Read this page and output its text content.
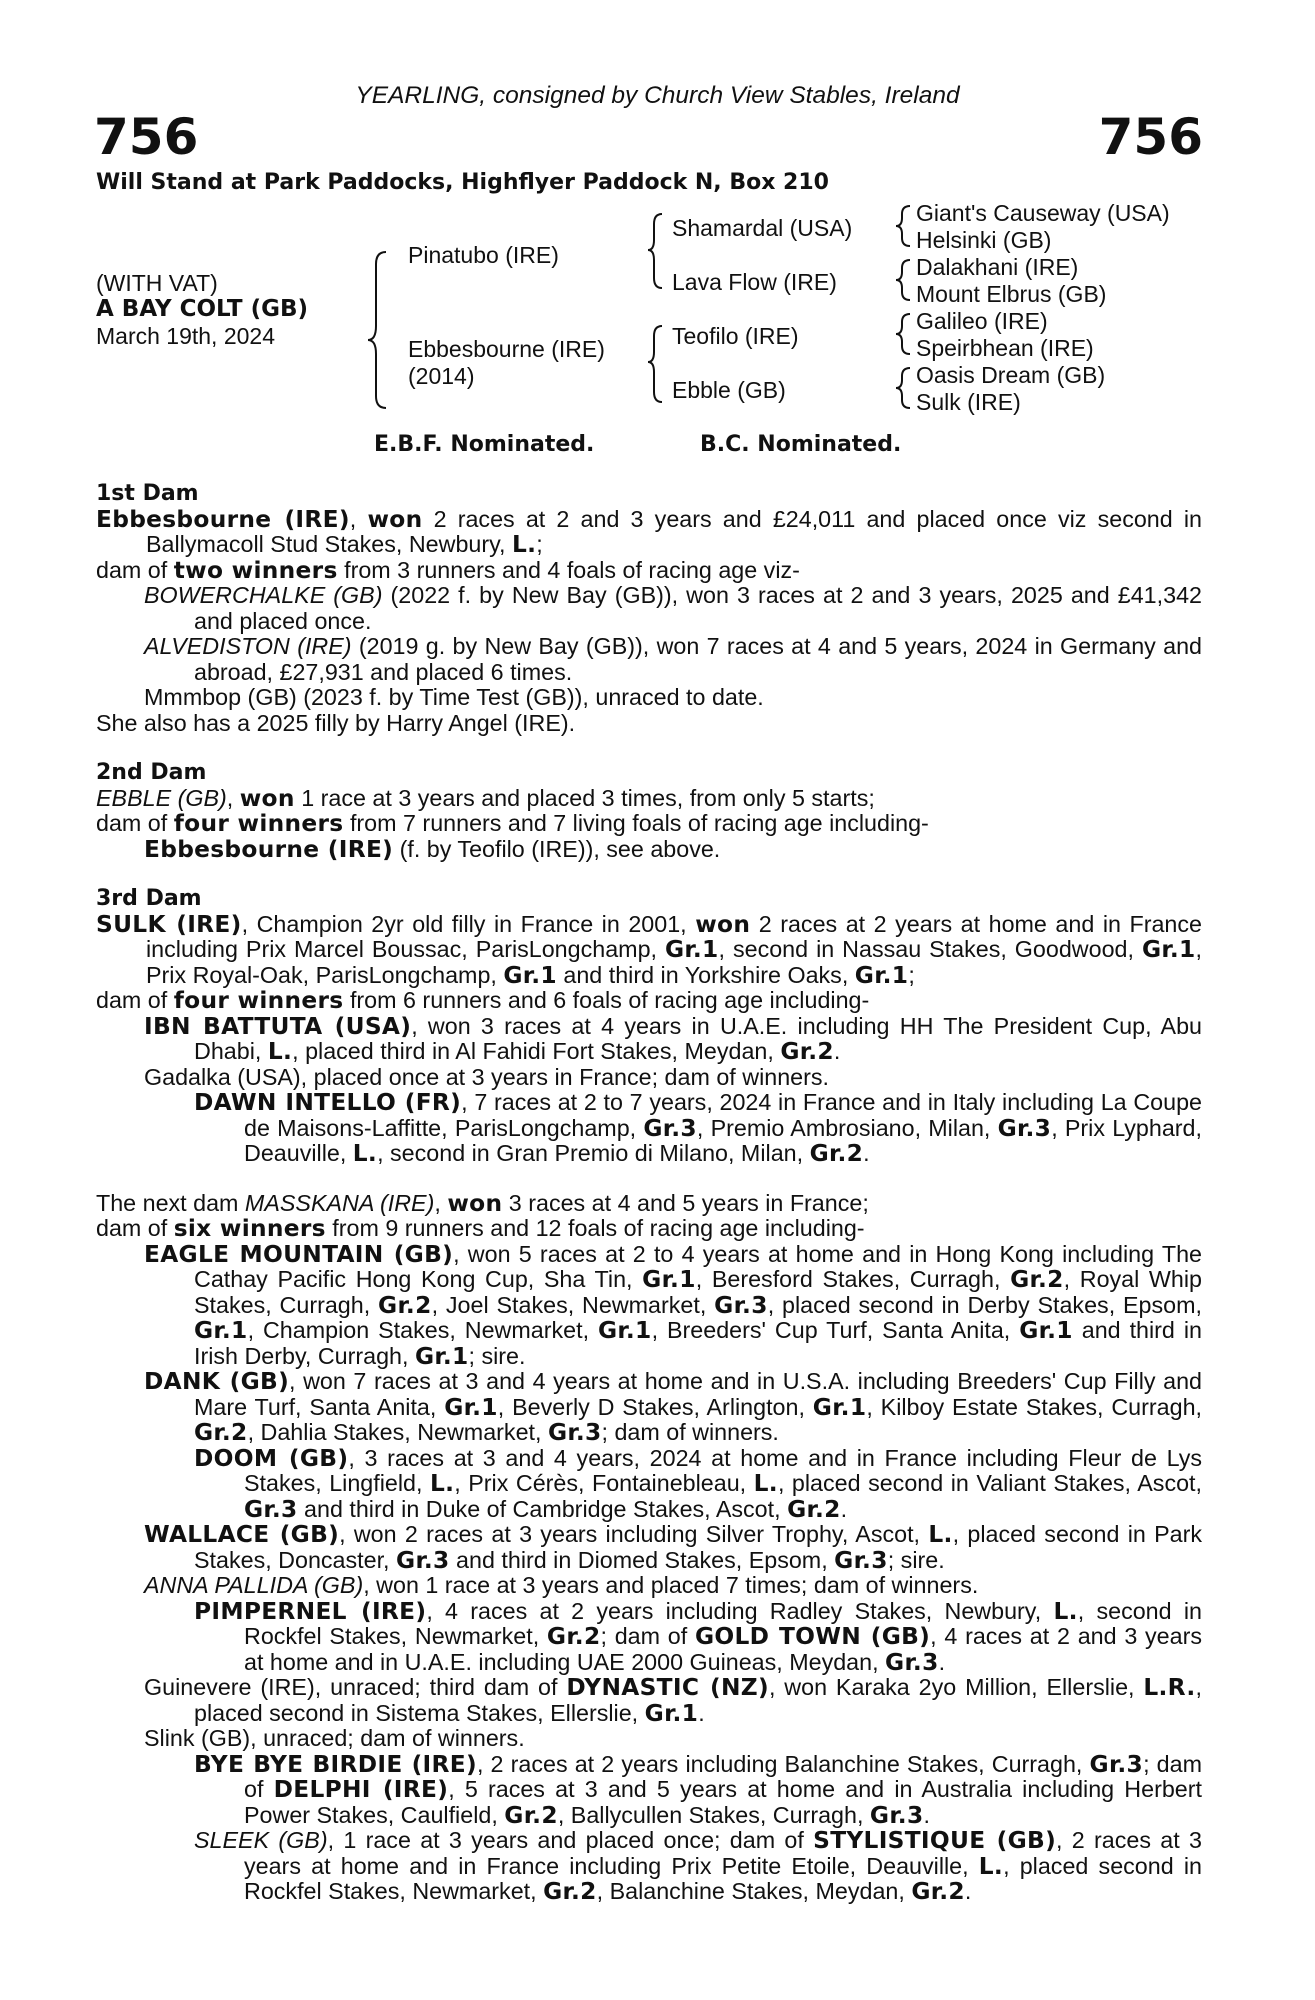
YEARLING, consigned by Church View Stables, Ireland
756	756
Will Stand at Park Paddocks, Highflyer Paddock N, Box 210
(WITH VAT)
A BAY COLT (GB)
March 19th, 2024
Pinatubo (IRE)
Ebbesbourne (IRE)
(2014)
Shamardal (USA)
Lava Flow (IRE)
Teofilo (IRE)
Ebble (GB)
Giant's Causeway (USA)
Helsinki (GB)
Dalakhani (IRE)
Mount Elbrus (GB)
Galileo (IRE)
Speirbhean (IRE)
Oasis Dream (GB)
Sulk (IRE)
E.B.F. Nominated.	B.C. Nominated.

1st Dam

Ebbesbourne (IRE), won 2 races at 2 and 3 years and £24,011 and placed once viz second in Ballymacoll Stud Stakes, Newbury, L.;

dam of two winners from 3 runners and 4 foals of racing age viz-

BOWERCHALKE (GB) (2022 f. by New Bay (GB)), won 3 races at 2 and 3 years, 2025 and £41,342 and placed once.

ALVEDISTON (IRE) (2019 g. by New Bay (GB)), won 7 races at 4 and 5 years, 2024 in Germany and abroad, £27,931 and placed 6 times.

Mmmbop (GB) (2023 f. by Time Test (GB)), unraced to date.

She also has a 2025 filly by Harry Angel (IRE).

2nd Dam

EBBLE (GB), won 1 race at 3 years and placed 3 times, from only 5 starts;

dam of four winners from 7 runners and 7 living foals of racing age including-

Ebbesbourne (IRE) (f. by Teofilo (IRE)), see above.

3rd Dam

SULK (IRE), Champion 2yr old filly in France in 2001, won 2 races at 2 years at home and in France including Prix Marcel Boussac, ParisLongchamp, Gr.1, second in Nassau Stakes, Goodwood, Gr.1, Prix Royal-Oak, ParisLongchamp, Gr.1 and third in Yorkshire Oaks, Gr.1;

dam of four winners from 6 runners and 6 foals of racing age including-

IBN BATTUTA (USA), won 3 races at 4 years in U.A.E. including HH The President Cup, Abu Dhabi, L., placed third in Al Fahidi Fort Stakes, Meydan, Gr.2.

Gadalka (USA), placed once at 3 years in France; dam of winners.

DAWN INTELLO (FR), 7 races at 2 to 7 years, 2024 in France and in Italy including La Coupe de Maisons-Laffitte, ParisLongchamp, Gr.3, Premio Ambrosiano, Milan, Gr.3, Prix Lyphard, Deauville, L., second in Gran Premio di Milano, Milan, Gr.2.

The next dam MASSKANA (IRE), won 3 races at 4 and 5 years in France;

dam of six winners from 9 runners and 12 foals of racing age including-

EAGLE MOUNTAIN (GB), won 5 races at 2 to 4 years at home and in Hong Kong including The Cathay Pacific Hong Kong Cup, Sha Tin, Gr.1, Beresford Stakes, Curragh, Gr.2, Royal Whip Stakes, Curragh, Gr.2, Joel Stakes, Newmarket, Gr.3, placed second in Derby Stakes, Epsom, Gr.1, Champion Stakes, Newmarket, Gr.1, Breeders' Cup Turf, Santa Anita, Gr.1 and third in Irish Derby, Curragh, Gr.1; sire.

DANK (GB), won 7 races at 3 and 4 years at home and in U.S.A. including Breeders' Cup Filly and Mare Turf, Santa Anita, Gr.1, Beverly D Stakes, Arlington, Gr.1, Kilboy Estate Stakes, Curragh, Gr.2, Dahlia Stakes, Newmarket, Gr.3; dam of winners.

DOOM (GB), 3 races at 3 and 4 years, 2024 at home and in France including Fleur de Lys Stakes, Lingfield, L., Prix Cérès, Fontainebleau, L., placed second in Valiant Stakes, Ascot, Gr.3 and third in Duke of Cambridge Stakes, Ascot, Gr.2.

WALLACE (GB), won 2 races at 3 years including Silver Trophy, Ascot, L., placed second in Park Stakes, Doncaster, Gr.3 and third in Diomed Stakes, Epsom, Gr.3; sire.

ANNA PALLIDA (GB), won 1 race at 3 years and placed 7 times; dam of winners.

PIMPERNEL (IRE), 4 races at 2 years including Radley Stakes, Newbury, L., second in Rockfel Stakes, Newmarket, Gr.2; dam of GOLD TOWN (GB), 4 races at 2 and 3 years at home and in U.A.E. including UAE 2000 Guineas, Meydan, Gr.3.

Guinevere (IRE), unraced; third dam of DYNASTIC (NZ), won Karaka 2yo Million, Ellerslie, L.R., placed second in Sistema Stakes, Ellerslie, Gr.1.

Slink (GB), unraced; dam of winners.

BYE BYE BIRDIE (IRE), 2 races at 2 years including Balanchine Stakes, Curragh, Gr.3; dam of DELPHI (IRE), 5 races at 3 and 5 years at home and in Australia including Herbert Power Stakes, Caulfield, Gr.2, Ballycullen Stakes, Curragh, Gr.3.

SLEEK (GB), 1 race at 3 years and placed once; dam of STYLISTIQUE (GB), 2 races at 3 years at home and in France including Prix Petite Etoile, Deauville, L., placed second in Rockfel Stakes, Newmarket, Gr.2, Balanchine Stakes, Meydan, Gr.2.
